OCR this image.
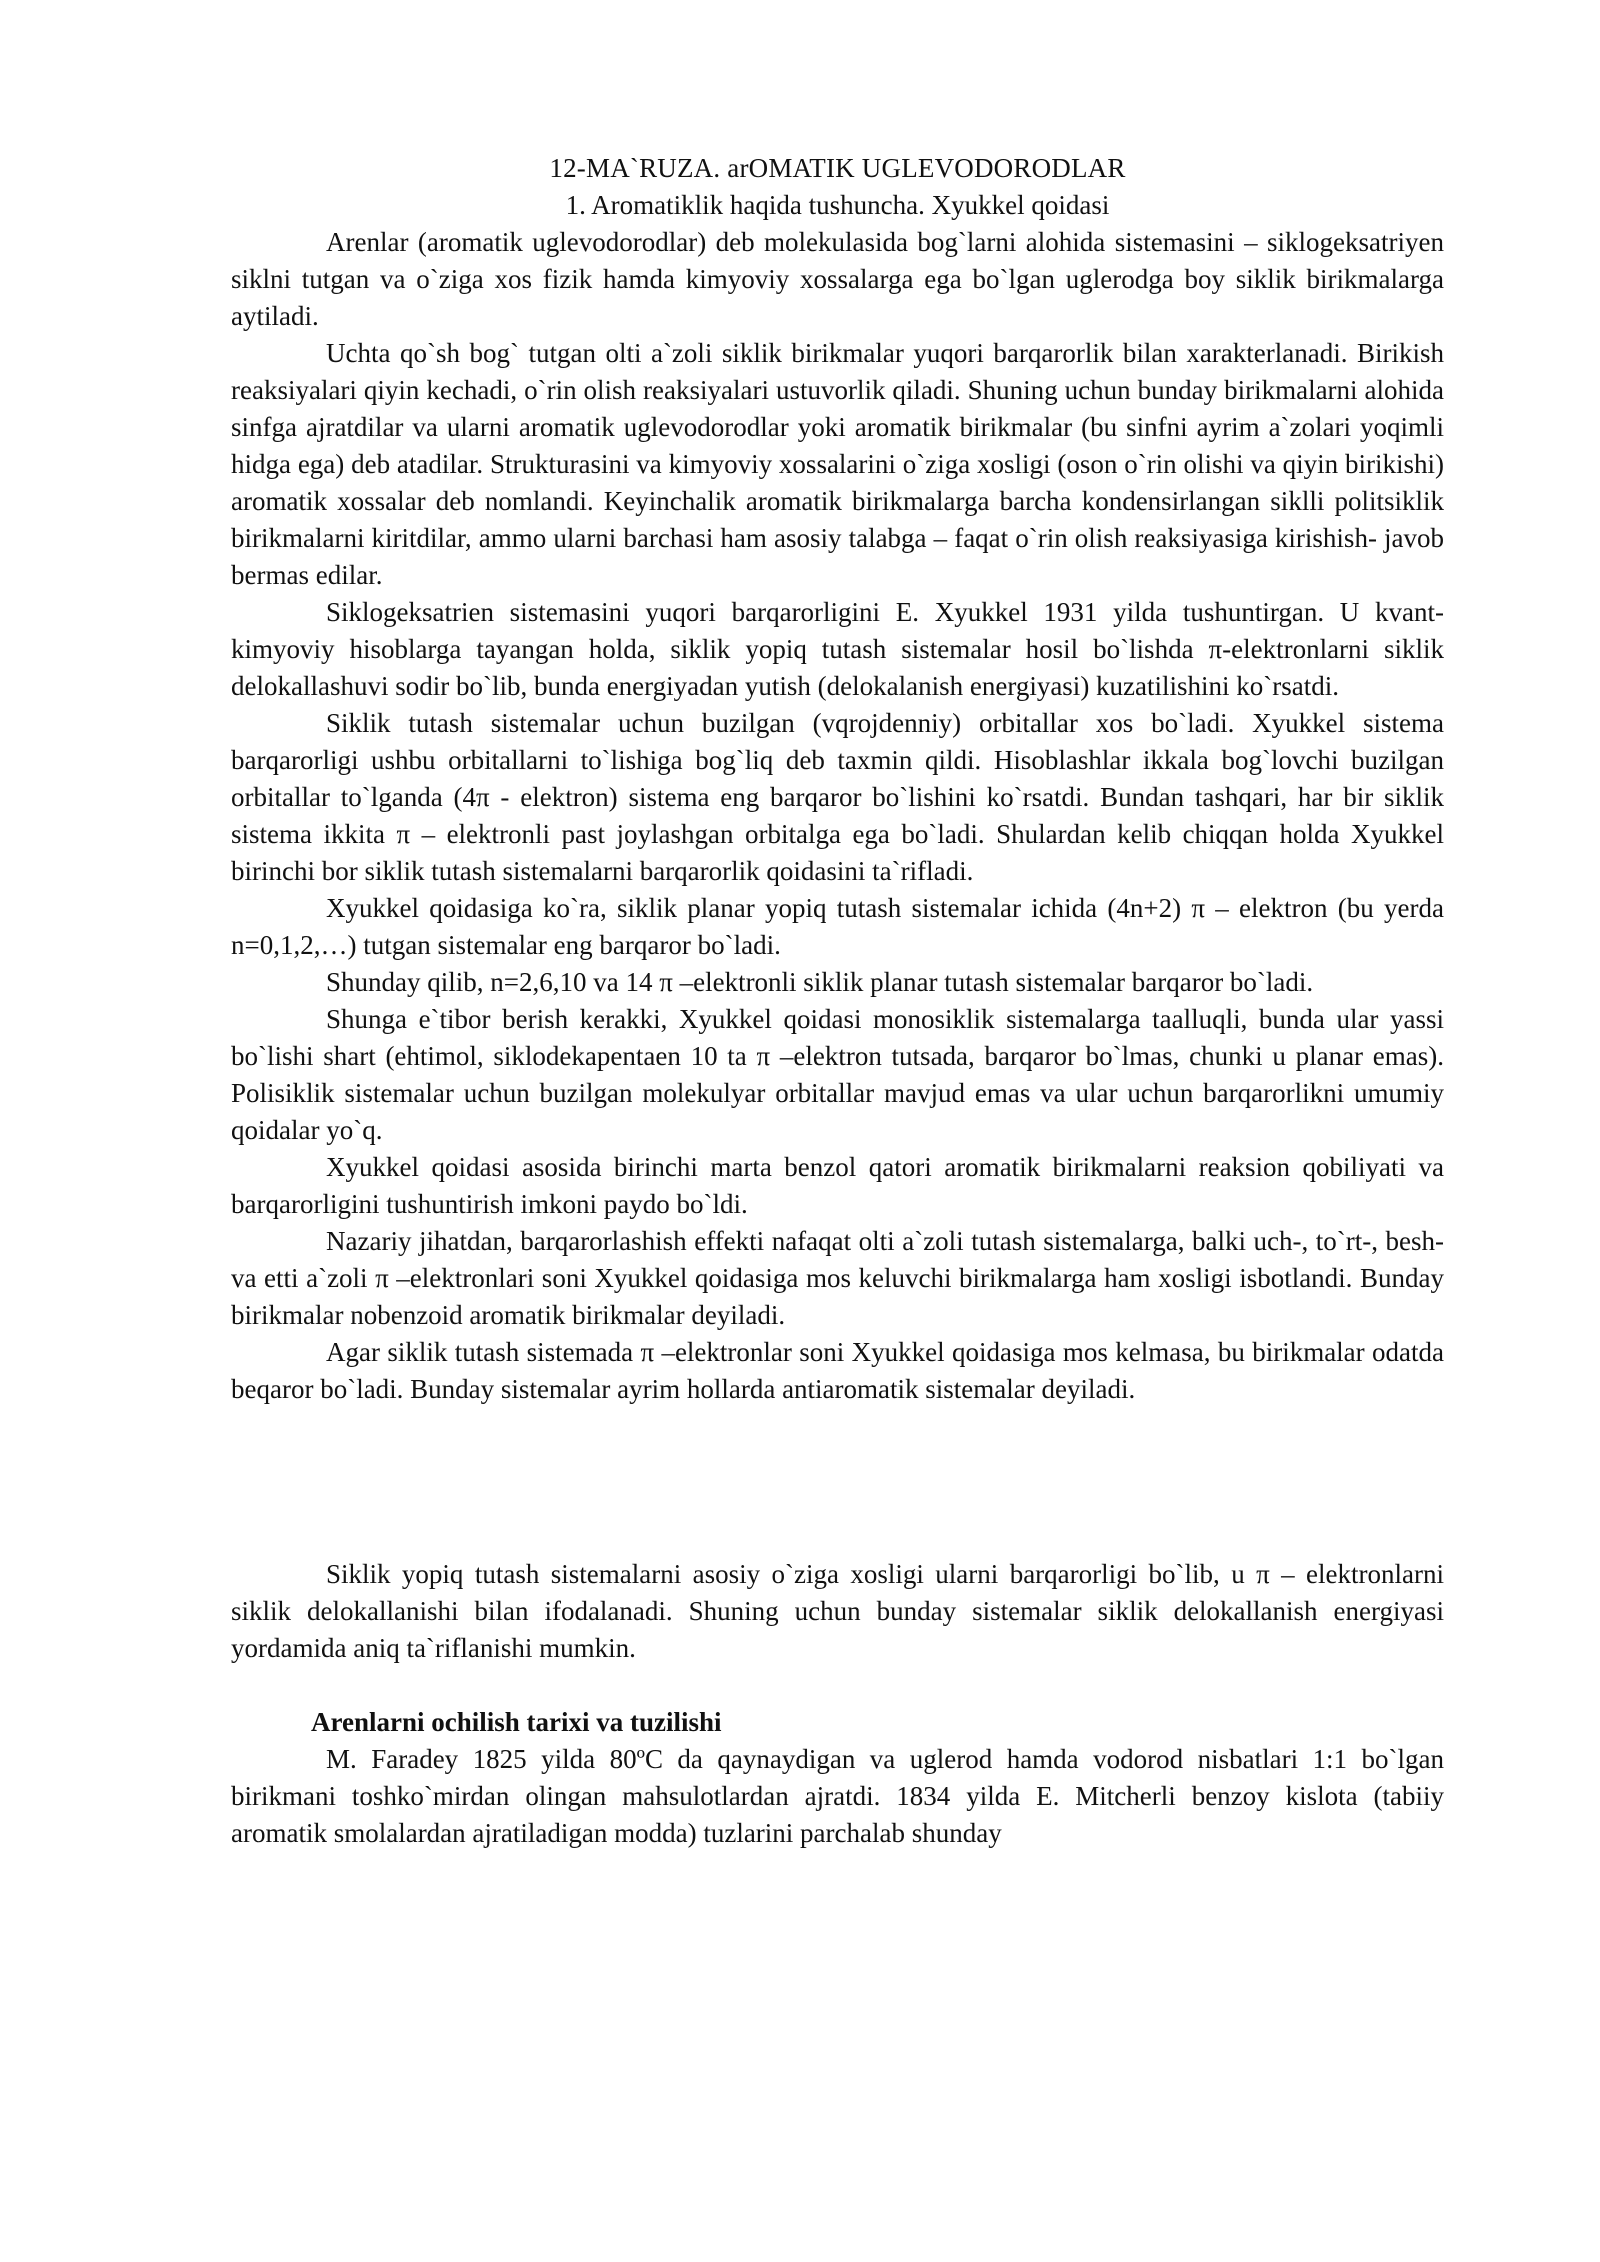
12-MA`RUZA. arOMATIK UGLEVODORODLAR

1. Aromatiklik haqida tushuncha. Xyukkel qoidasi

Arenlar (aromatik uglevodorodlar) deb molekulasida bog`larni alohida sistemasini – siklogeksatriyen siklni tutgan va o`ziga xos fizik hamda kimyoviy xossalarga ega bo`lgan uglerodga boy siklik birikmalarga aytiladi.

Uchta qo`sh bog` tutgan olti a`zoli siklik birikmalar yuqori barqarorlik bilan xarakterlanadi. Birikish reaksiyalari qiyin kechadi, o`rin olish reaksiyalari ustuvorlik qiladi. Shuning uchun bunday birikmalarni alohida sinfga ajratdilar va ularni aromatik uglevodorodlar yoki aromatik birikmalar (bu sinfni ayrim a`zolari yoqimli hidga ega) deb atadilar. Strukturasini va kimyoviy xossalarini o`ziga xosligi (oson o`rin olishi va qiyin birikishi) aromatik xossalar deb nomlandi. Keyinchalik aromatik birikmalarga barcha kondensirlangan siklli politsiklik birikmalarni kiritdilar, ammo ularni barchasi ham asosiy talabga – faqat o`rin olish reaksiyasiga kirishish- javob bermas edilar.

Siklogeksatrien sistemasini yuqori barqarorligini E. Xyukkel 1931 yilda tushuntirgan. U kvant-kimyoviy hisoblarga tayangan holda, siklik yopiq tutash sistemalar hosil bo`lishda π-elektronlarni siklik delokallashuvi sodir bo`lib, bunda energiyadan yutish (delokalanish energiyasi) kuzatilishini ko`rsatdi.

Siklik tutash sistemalar uchun buzilgan (vqrojdenniy) orbitallar xos bo`ladi. Xyukkel sistema barqarorligi ushbu orbitallarni to`lishiga bog`liq deb taxmin qildi. Hisoblashlar ikkala bog`lovchi buzilgan orbitallar to`lganda (4π - elektron) sistema eng barqaror bo`lishini ko`rsatdi. Bundan tashqari, har bir siklik sistema ikkita π – elektronli past joylashgan orbitalga ega bo`ladi. Shulardan kelib chiqqan holda Xyukkel birinchi bor siklik tutash sistemalarni barqarorlik qoidasini ta`rifladi.

Xyukkel qoidasiga ko`ra, siklik planar yopiq tutash sistemalar ichida (4n+2) π – elektron (bu yerda n=0,1,2,…) tutgan sistemalar eng barqaror bo`ladi.

Shunday qilib, n=2,6,10 va 14 π –elektronli siklik planar tutash sistemalar barqaror bo`ladi.

Shunga e`tibor berish kerakki, Xyukkel qoidasi monosiklik sistemalarga taalluqli, bunda ular yassi bo`lishi shart (ehtimol, siklodekapentaen 10 ta π –elektron tutsada, barqaror bo`lmas, chunki u planar emas). Polisiklik sistemalar uchun buzilgan molekulyar orbitallar mavjud emas va ular uchun barqarorlikni umumiy qoidalar yo`q.

Xyukkel qoidasi asosida birinchi marta benzol qatori aromatik birikmalarni reaksion qobiliyati va barqarorligini tushuntirish imkoni paydo bo`ldi.

Nazariy jihatdan, barqarorlashish effekti nafaqat olti a`zoli tutash sistemalarga, balki uch-, to`rt-, besh- va etti a`zoli π –elektronlari soni Xyukkel qoidasiga mos keluvchi birikmalarga ham xosligi isbotlandi. Bunday birikmalar nobenzoid aromatik birikmalar deyiladi.

Agar siklik tutash sistemada π –elektronlar soni Xyukkel qoidasiga mos kelmasa, bu birikmalar odatda beqaror bo`ladi. Bunday sistemalar ayrim hollarda antiaromatik sistemalar deyiladi.

Siklik yopiq tutash sistemalarni asosiy o`ziga xosligi ularni barqarorligi bo`lib, u π – elektronlarni siklik delokallanishi bilan ifodalanadi. Shuning uchun bunday sistemalar siklik delokallanish energiyasi yordamida aniq ta`riflanishi mumkin.

Arenlarni ochilish tarixi va tuzilishi

M. Faradey 1825 yilda 80ºC da qaynaydigan va uglerod hamda vodorod nisbatlari 1:1 bo`lgan birikmani toshko`mirdan olingan mahsulotlardan ajratdi. 1834 yilda E. Mitcherli benzoy kislota (tabiiy aromatik smolalardan ajratiladigan modda) tuzlarini parchalab shunday
